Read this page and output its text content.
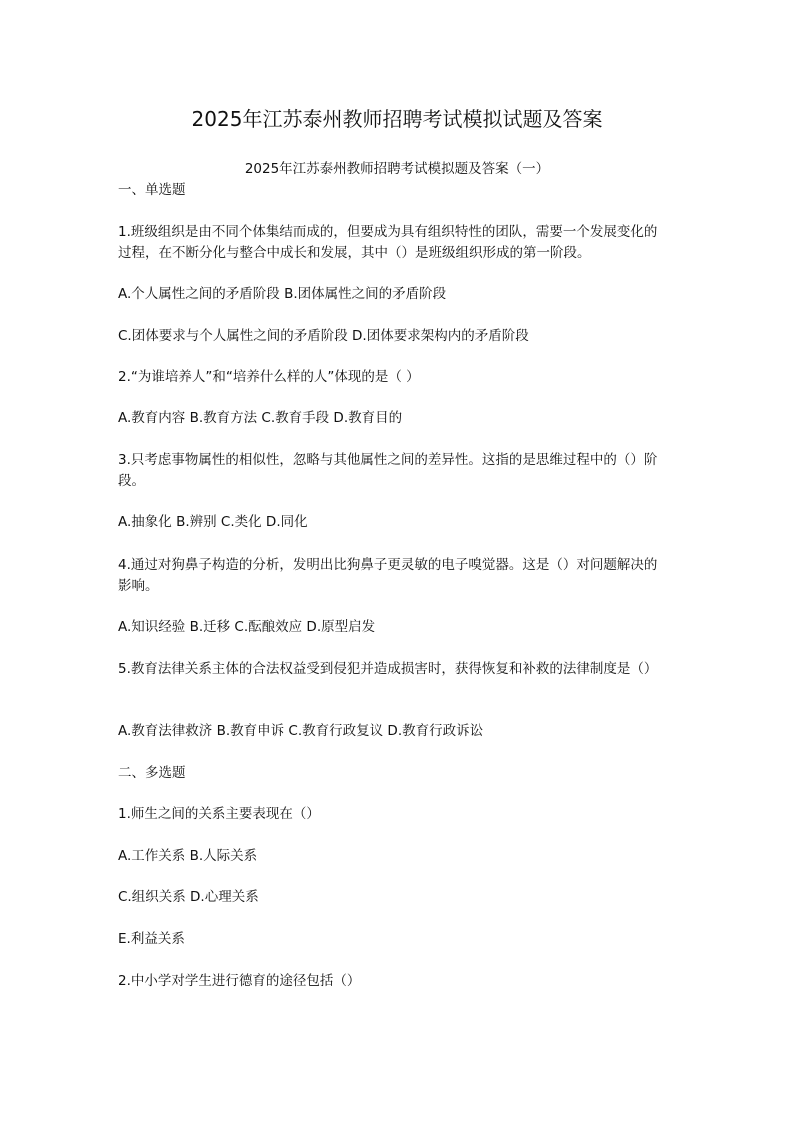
2025年江苏泰州教师招聘考试模拟试题及答案
2025年江苏泰州教师招聘考试模拟题及答案（一）
一、单选题
1.班级组织是由不同个体集结而成的，但要成为具有组织特性的团队，需要一个发展变化的过程，在不断分化与整合中成长和发展，其中（）是班级组织形成的第一阶段。
A.个人属性之间的矛盾阶段 B.团体属性之间的矛盾阶段
C.团体要求与个人属性之间的矛盾阶段 D.团体要求架构内的矛盾阶段
2.“为谁培养人”和“培养什么样的人”体现的是（ ）
A.教育内容 B.教育方法 C.教育手段 D.教育目的
3.只考虑事物属性的相似性，忽略与其他属性之间的差异性。这指的是思维过程中的（）阶段。
A.抽象化 B.辨别 C.类化 D.同化
4.通过对狗鼻子构造的分析，发明出比狗鼻子更灵敏的电子嗅觉器。这是（）对问题解决的影响。
A.知识经验 B.迁移 C.酝酿效应 D.原型启发
5.教育法律关系主体的合法权益受到侵犯并造成损害时，获得恢复和补救的法律制度是（）
A.教育法律救济 B.教育申诉 C.教育行政复议 D.教育行政诉讼
二、多选题
1.师生之间的关系主要表现在（）
A.工作关系 B.人际关系
C.组织关系 D.心理关系
E.利益关系
2.中小学对学生进行德育的途径包括（）
